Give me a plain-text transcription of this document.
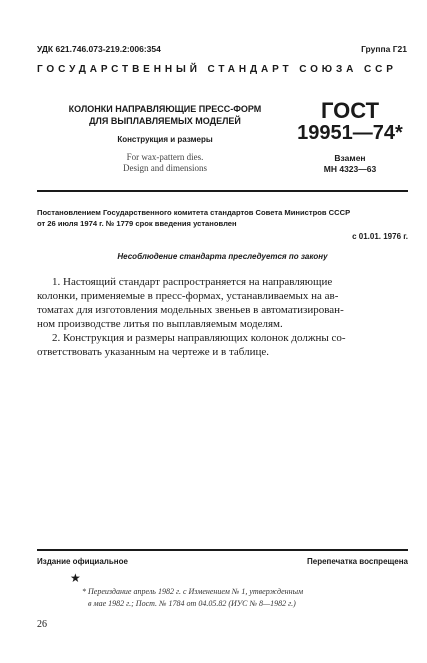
УДК 621.746.073-219.2:006:354	Группа Г21
ГОСУДАРСТВЕННЫЙ СТАНДАРТ СОЮЗА ССР
КОЛОНКИ НАПРАВЛЯЮЩИЕ ПРЕСС-ФОРМ
ДЛЯ ВЫПЛАВЛЯЕМЫХ МОДЕЛЕЙ
Конструкция и размеры
For wax-pattern dies.
Design and dimensions
ГОСТ
19951—74*
Взамен
МН 4323—63
Постановлением Государственного комитета стандартов Совета Министров СССР
от 26 июля 1974 г. № 1779 срок введения установлен
с 01.01. 1976 г.
Несоблюдение стандарта преследуется по закону
1. Настоящий стандарт распространяется на направляющие
колонки, применяемые в пресс-формах, устанавливаемых на ав-
томатах для изготовления модельных звеньев в автоматизирован-
ном производстве литья по выплавляемым моделям.
2. Конструкция и размеры направляющих колонок должны со-
ответствовать указанным на чертеже и в таблице.
Издание официальное	Перепечатка воспрещена
★
* Переиздание апрель 1982 г. с Изменением № 1, утвержденным
в мае 1982 г.; Пост. № 1784 от 04.05.82 (ИУС № 8—1982 г.)
26
